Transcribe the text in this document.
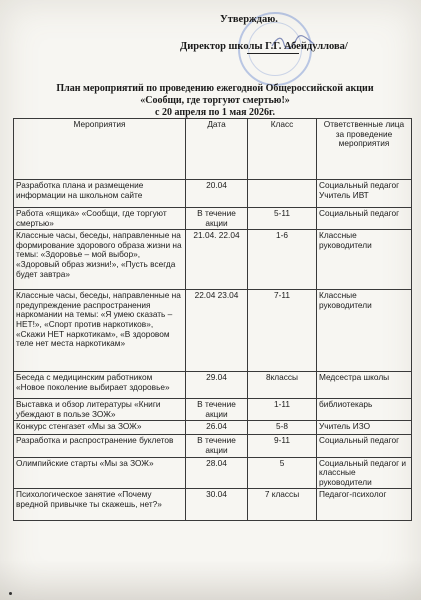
Утверждаю.
Директор школы Г.Г. Абейдуллова/
План мероприятий по проведению ежегодной Общероссийской акции
«Сообщи, где торгуют смертью!»
с 20 апреля по 1 мая 2026г.
Мероприятия	Дата	Класс	Ответственные лица за проведение мероприятия
Разработка плана и размещение информации на школьном сайте	20.04		Социальный педагог Учитель ИВТ
Работа «ящика» «Сообщи, где торгуют смертью»	В течение акции	5-11	Социальный педагог
Классные часы, беседы, направленные на формирование здорового образа жизни на темы: «Здоровье – мой выбор», «Здоровый образ жизни!», «Пусть всегда будет завтра»	21.04. 22.04	1-6	Классные руководители
Классные часы, беседы, направленные на предупреждение распространения наркомании на темы: «Я умею сказать – НЕТ!», «Спорт против наркотиков», «Скажи НЕТ наркотикам», «В здоровом теле нет места наркотикам»	22.04 23.04	7-11	Классные руководители
Беседа с медицинским работником «Новое поколение выбирает здоровье»	29.04	8классы	Медсестра школы
Выставка и обзор литературы «Книги убеждают в пользе ЗОЖ»	В течение акции	1-11	библиотекарь
Конкурс стенгазет «Мы за ЗОЖ»	26.04	5-8	Учитель ИЗО
Разработка и распространение буклетов	В течение акции	9-11	Социальный педагог
Олимпийские старты «Мы за ЗОЖ»	28.04	5	Социальный педагог и классные руководители
Психологическое занятие «Почему вредной привычке ты скажешь, нет?»	30.04	7 классы	Педагог-психолог
